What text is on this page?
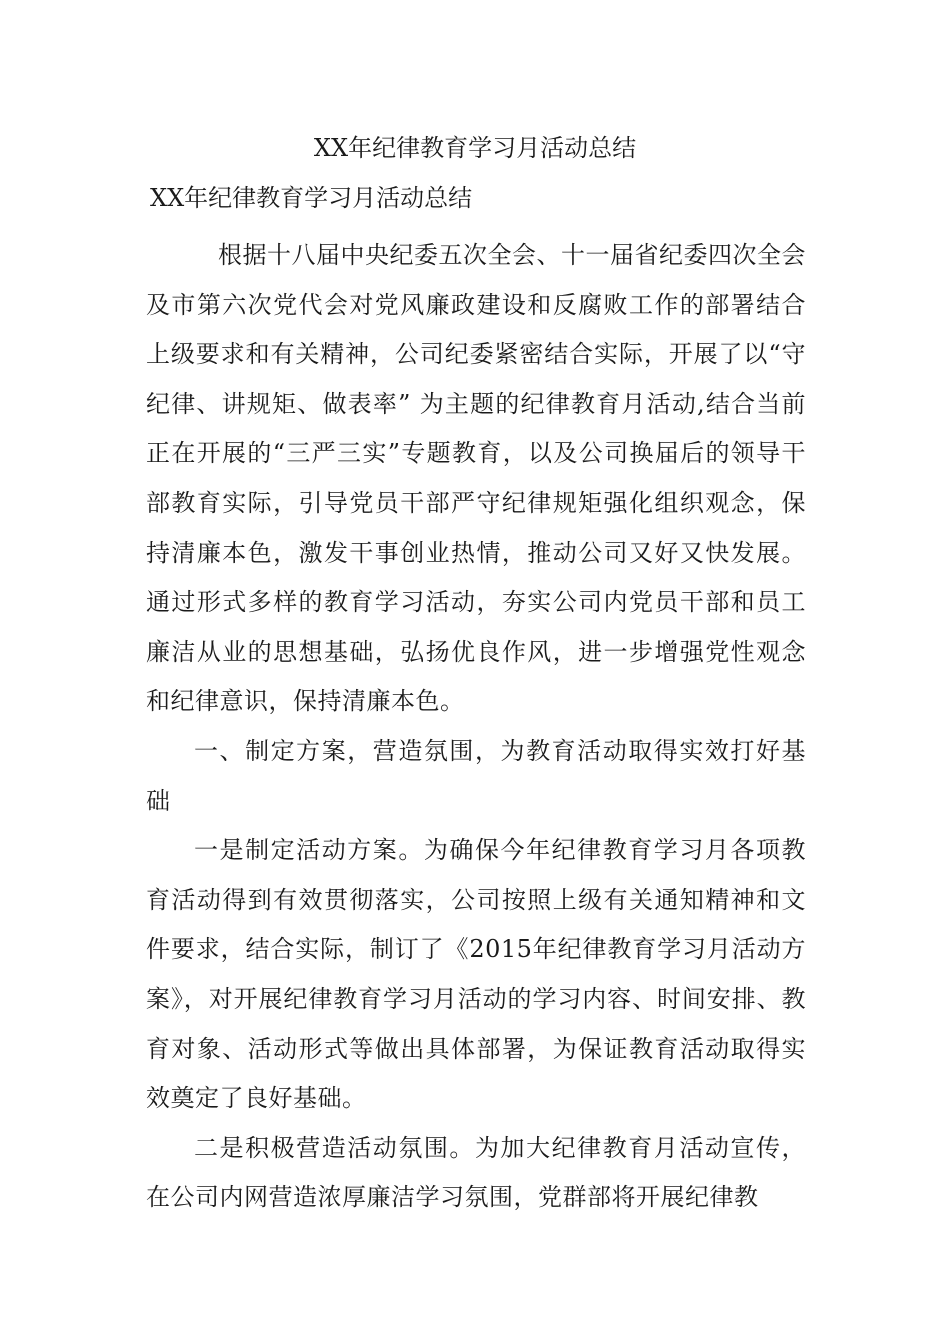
XX年纪律教育学习月活动总结
XX年纪律教育学习月活动总结

根据十八届中央纪委五次全会、十一届省纪委四次全会及市第六次党代会对党风廉政建设和反腐败工作的部署结合上级要求和有关精神，公司纪委紧密结合实际，开展了以“守纪律、讲规矩、做表率” 为主题的纪律教育月活动,结合当前正在开展的“三严三实”专题教育，以及公司换届后的领导干部教育实际，引导党员干部严守纪律规矩强化组织观念，保持清廉本色，激发干事创业热情，推动公司又好又快发展。通过形式多样的教育学习活动，夯实公司内党员干部和员工廉洁从业的思想基础，弘扬优良作风，进一步增强党性观念和纪律意识，保持清廉本色。

一、制定方案，营造氛围，为教育活动取得实效打好基础

一是制定活动方案。为确保今年纪律教育学习月各项教育活动得到有效贯彻落实，公司按照上级有关通知精神和文件要求，结合实际，制订了《2015年纪律教育学习月活动方案》，对开展纪律教育学习月活动的学习内容、时间安排、教育对象、活动形式等做出具体部署，为保证教育活动取得实效奠定了良好基础。

二是积极营造活动氛围。为加大纪律教育月活动宣传，在公司内网营造浓厚廉洁学习氛围，党群部将开展纪律教
